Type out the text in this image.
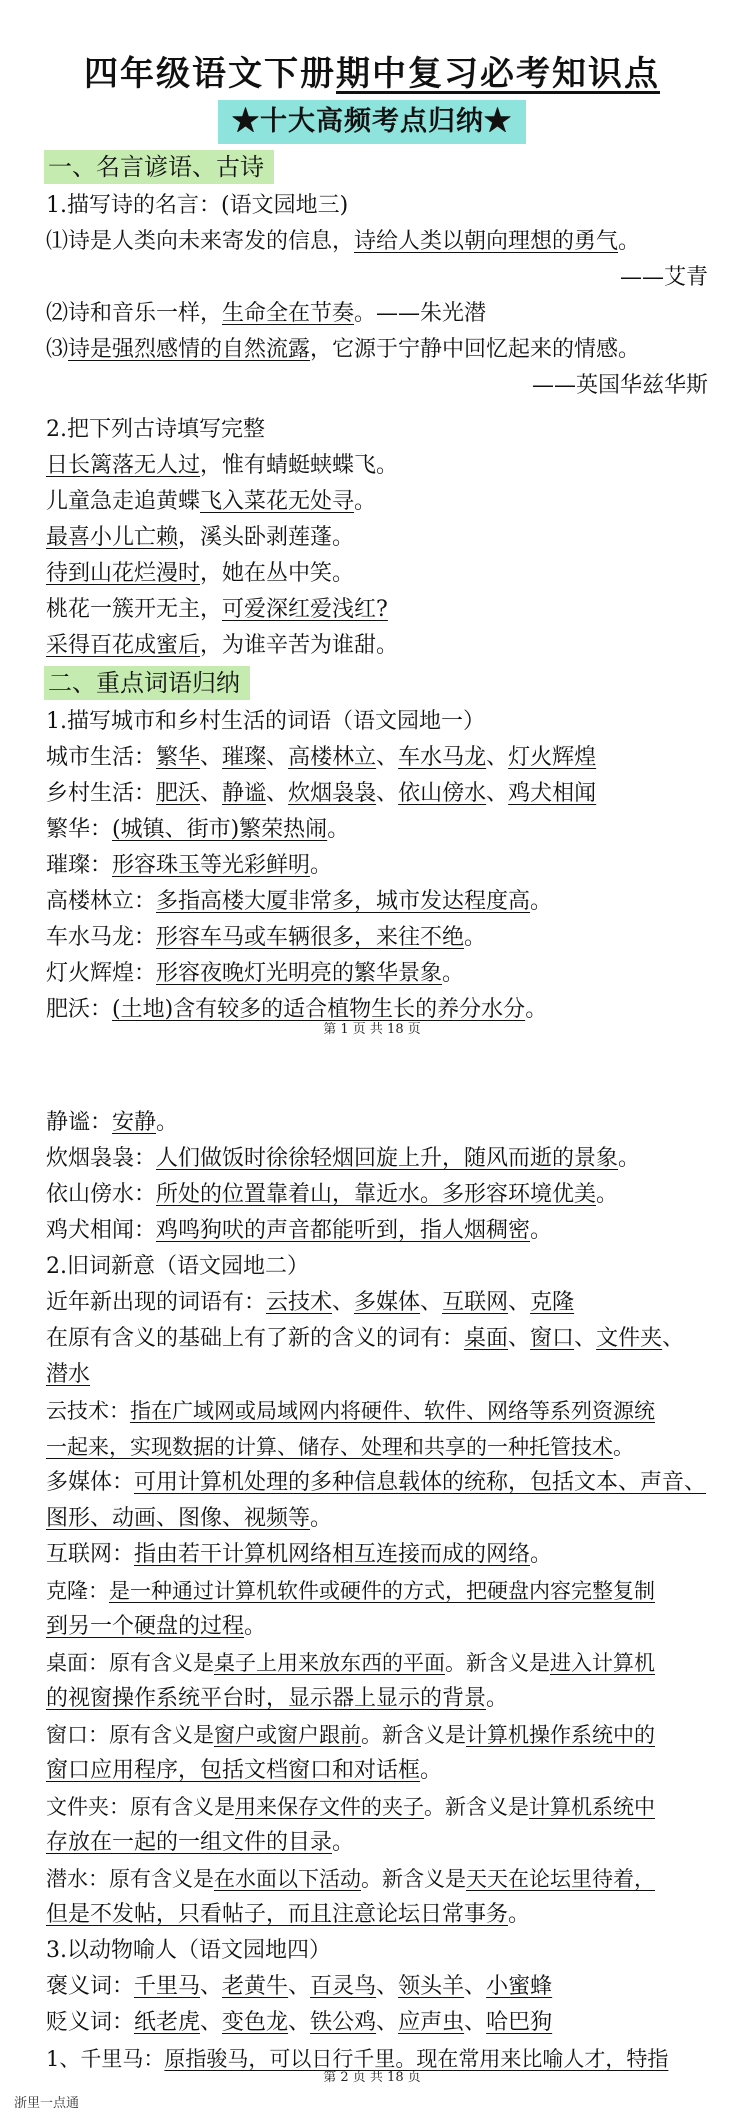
四年级语文下册期中复习必考知识点
★十大高频考点归纳★
一、名言谚语、古诗
1.描写诗的名言：(语文园地三)
⑴诗是人类向未来寄发的信息，诗给人类以朝向理想的勇气。
——艾青
⑵诗和音乐一样，生命全在节奏。——朱光潜
⑶诗是强烈感情的自然流露，它源于宁静中回忆起来的情感。
——英国华兹华斯
2.把下列古诗填写完整
日长篱落无人过，惟有蜻蜓蛱蝶飞。
儿童急走追黄蝶飞入菜花无处寻。
最喜小儿亡赖，溪头卧剥莲蓬。
待到山花烂漫时，她在丛中笑。
桃花一簇开无主，可爱深红爱浅红?
采得百花成蜜后，为谁辛苦为谁甜。
二、重点词语归纳
1.描写城市和乡村生活的词语（语文园地一）
城市生活：繁华、璀璨、高楼林立、车水马龙、灯火辉煌
乡村生活：肥沃、静谧、炊烟袅袅、依山傍水、鸡犬相闻
繁华：(城镇、街市)繁荣热闹。
璀璨：形容珠玉等光彩鲜明。
高楼林立：多指高楼大厦非常多，城市发达程度高。
车水马龙：形容车马或车辆很多，来往不绝。
灯火辉煌：形容夜晚灯光明亮的繁华景象。
肥沃：(土地)含有较多的适合植物生长的养分水分。
第 1 页 共 18 页
静谧：安静。
炊烟袅袅：人们做饭时徐徐轻烟回旋上升，随风而逝的景象。
依山傍水：所处的位置靠着山，靠近水。多形容环境优美。
鸡犬相闻：鸡鸣狗吠的声音都能听到，指人烟稠密。
2.旧词新意（语文园地二）
近年新出现的词语有：云技术、多媒体、互联网、克隆
在原有含义的基础上有了新的含义的词有：桌面、窗口、文件夹、
潜水
云技术：指在广域网或局域网内将硬件、软件、网络等系列资源统
一起来，实现数据的计算、储存、处理和共享的一种托管技术。
多媒体：可用计算机处理的多种信息载体的统称，包括文本、声音、
图形、动画、图像、视频等。
互联网：指由若干计算机网络相互连接而成的网络。
克隆：是一种通过计算机软件或硬件的方式，把硬盘内容完整复制
到另一个硬盘的过程。
桌面：原有含义是桌子上用来放东西的平面。新含义是进入计算机
的视窗操作系统平台时，显示器上显示的背景。
窗口：原有含义是窗户或窗户跟前。新含义是计算机操作系统中的
窗口应用程序，包括文档窗口和对话框。
文件夹：原有含义是用来保存文件的夹子。新含义是计算机系统中
存放在一起的一组文件的目录。
潜水：原有含义是在水面以下活动。新含义是天天在论坛里待着，
但是不发帖，只看帖子，而且注意论坛日常事务。
3.以动物喻人（语文园地四）
褒义词：千里马、老黄牛、百灵鸟、领头羊、小蜜蜂
贬义词：纸老虎、变色龙、铁公鸡、应声虫、哈巴狗
1、千里马：原指骏马，可以日行千里。现在常用来比喻人才，特指
第 2 页 共 18 页
浙里一点通
